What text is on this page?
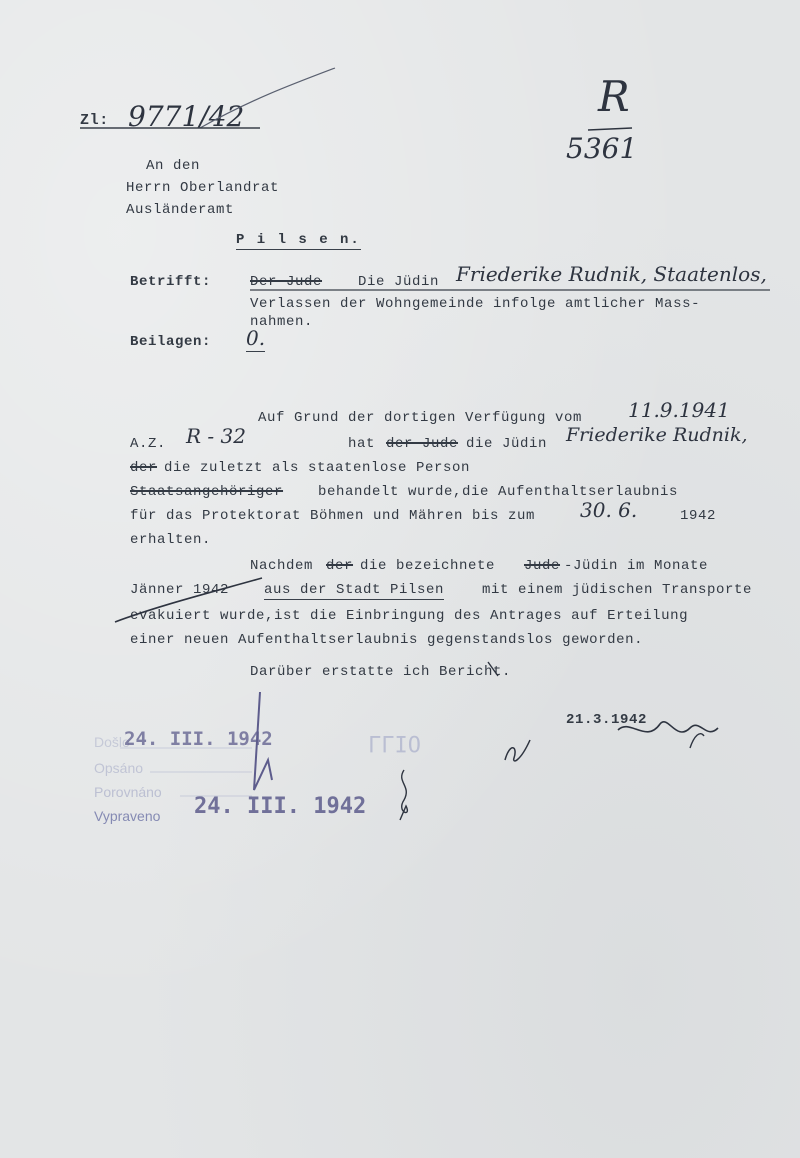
Zl: 9771/42	R
5361
An den
Herrn Oberlandrat
Ausländeramt
P i l s e n.
Betrifft:	Der Jude	Die Jüdin Friederike Rudnik, Staatenlos,
Verlassen der Wohngemeinde infolge amtlicher Mass-
nahmen.
Beilagen: 0.
Auf Grund der dortigen Verfügung vom 11.9.1941
A.Z. R - 32	hat der Jude die Jüdin Friederike Rudnik,
der die zuletzt als staatenlose Person
Staatsangehöriger behandelt wurde,die Aufenthaltserlaubnis
für das Protektorat Böhmen und Mähren bis zum 30. 6.	1942
erhalten.
Nachdem der die bezeichnete Jude -Jüdin im Monate
Jänner 1942 aus der Stadt Pilsen	mit einem jüdischen Transporte
evakuiert wurde,ist die Einbringung des Antrages auf Erteilung
einer neuen Aufenthaltserlaubnis gegenstandslos geworden.
Darüber erstatte ich Bericht.
21.3.1942
Došlo
24. III. 1942
Opsáno
Porovnáno
Vypraveno 24. III. 1942

ΓΓΙΟ
